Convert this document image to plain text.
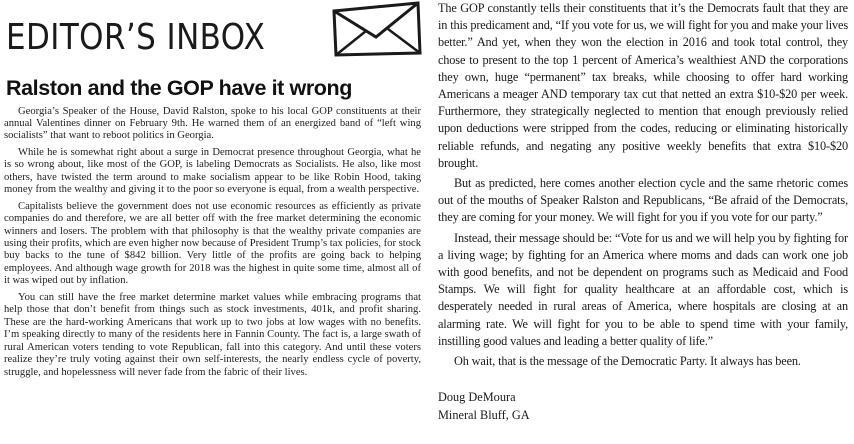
EDITOR’S INBOX
Ralston and the GOP have it wrong

Georgia’s Speaker of the House, David Ralston, spoke to his local GOP constituents at their annual Valentines dinner on February 9th. He warned them of an energized band of “left wing socialists” that want to reboot politics in Georgia.

While he is somewhat right about a surge in Democrat presence throughout Georgia, what he is so wrong about, like most of the GOP, is labeling Democrats as Socialists. He also, like most others, have twisted the term around to make socialism appear to be like Robin Hood, taking money from the wealthy and giving it to the poor so everyone is equal, from a wealth perspective.

Capitalists believe the government does not use economic resources as efficiently as private companies do and therefore, we are all better off with the free market determining the economic winners and losers. The problem with that philosophy is that the wealthy private companies are using their profits, which are even higher now because of President Trump’s tax policies, for stock buy backs to the tune of $842 billion. Very little of the profits are going back to helping employees. And although wage growth for 2018 was the highest in quite some time, almost all of it was wiped out by inflation.

You can still have the free market determine market values while embracing programs that help those that don’t benefit from things such as stock investments, 401k, and profit sharing. These are the hard-working Americans that work up to two jobs at low wages with no benefits. I’m speaking directly to many of the residents here in Fannin County. The fact is, a large swath of rural American voters tending to vote Republican, fall into this category. And until these voters realize they’re truly voting against their own self-interests, the nearly endless cycle of poverty, struggle, and hopelessness will never fade from the fabric of their lives.

The GOP constantly tells their constituents that it’s the Democrats fault that they are in this predicament and, “If you vote for us, we will fight for you and make your lives better.” And yet, when they won the election in 2016 and took total control, they chose to present to the top 1 percent of America’s wealthiest AND the corporations they own, huge “permanent” tax breaks, while choosing to offer hard working Americans a meager AND temporary tax cut that netted an extra $10-$20 per week. Furthermore, they strategically neglected to mention that enough previously relied upon deductions were stripped from the codes, reducing or eliminating historically reliable refunds, and negating any positive weekly benefits that extra $10-$20 brought.

But as predicted, here comes another election cycle and the same rhetoric comes out of the mouths of Speaker Ralston and Republicans, “Be afraid of the Democrats, they are coming for your money. We will fight for you if you vote for our party.”

Instead, their message should be: “Vote for us and we will help you by fighting for a living wage; by fighting for an America where moms and dads can work one job with good benefits, and not be dependent on programs such as Medicaid and Food Stamps. We will fight for quality healthcare at an affordable cost, which is desperately needed in rural areas of America, where hospitals are closing at an alarming rate. We will fight for you to be able to spend time with your family, instilling good values and leading a better quality of life.”

Oh wait, that is the message of the Democratic Party. It always has been.

Doug DeMoura
Mineral Bluff, GA
